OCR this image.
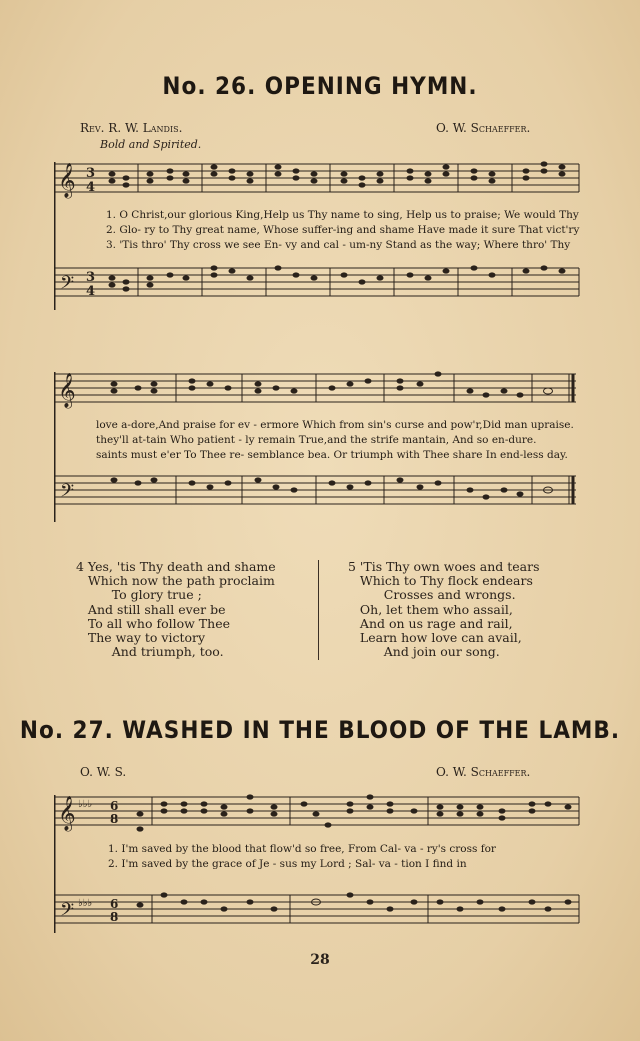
No. 26. OPENING HYMN.
Rev. R. W. Landis.	O. W. Schaeffer.
Bold and Spirited.
𝄞
𝄢
3
4
3
4
1. O Christ,our glorious King,Help us Thy name to sing, Help us to praise; We would Thy
2. Glo- ry to Thy great name, Whose suffer-ing and shame Have made it sure That vict'ry
3. 'Tis thro' Thy cross we see En- vy and cal - um-ny Stand as the way; Where thro' Thy
𝄞
𝄢
love a-dore,And praise for ev - ermore Which from sin's curse and pow'r,Did man upraise.
they'll at-tain Who patient - ly remain True,and the strife mantain, And so en-dure.
saints must e'er To Thee re- semblance bea. Or triumph with Thee share In end-less day.
4 Yes, 'tis Thy death and shame
Which now the path proclaim
To glory true ;
And still shall ever be
To all who follow Thee
The way to victory
And triumph, too.
5 'Tis Thy own woes and tears
Which to Thy flock endears
Crosses and wrongs.
Oh, let them who assail,
And on us rage and rail,
Learn how love can avail,
And join our song.
No. 27. WASHED IN THE BLOOD OF THE LAMB.
O. W. S.	O. W. Schaeffer.
𝄞
𝄢
♭♭♭
♭♭♭
6
8
6
8
1. I'm saved by the blood that flow'd so free, From Cal- va - ry's cross for
2. I'm saved by the grace of Je - sus my Lord ; Sal- va - tion I find in
28
